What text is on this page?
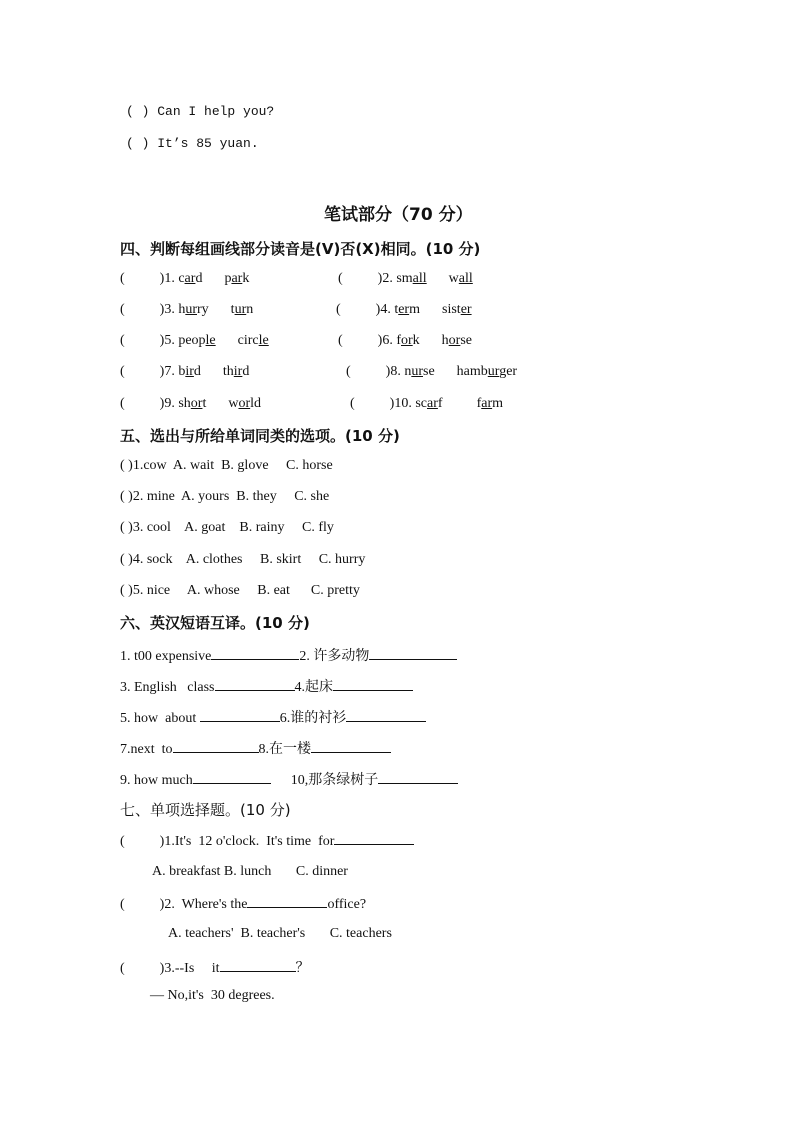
( ) Can I help you?
( ) It’s 85 yuan.
笔试部分（70 分）
四、判断每组画线部分读音是(V)否(X)相同。(10 分)
(          )1. card park	(          )2. small wall
(          )3. hurry turn	(          )4. term sister
(          )5. people circle	(          )6. fork horse
(          )7. bird third	(          )8. nurse hamburger
(          )9. short world	(          )10. scarf farm
五、选出与所给单词同类的选项。(10 分)
( )1.cow  A. wait  B. glove     C. horse
( )2. mine  A. yours  B. they     C. she
( )3. cool    A. goat    B. rainy     C. fly
( )4. sock    A. clothes     B. skirt     C. hurry
( )5. nice     A. whose     B. eat      C. pretty
六、英汉短语互译。(10 分)
1. t00 expensive	2. 许多动物
3. English   class	4.起床
5. how  about	6.谁的衬衫
7.next  to	8.在一楼
9. how much	10,那条绿树子
七、单项选择题。(10 分)
(          )1.It's  12 o'clock.  It's time  for
A. breakfast B. lunch       C. dinner
(          )2.  Where's the	office?
A. teachers'  B. teacher's       C. teachers
(          )3.--Is     it	？
— No,it's  30 degrees.
